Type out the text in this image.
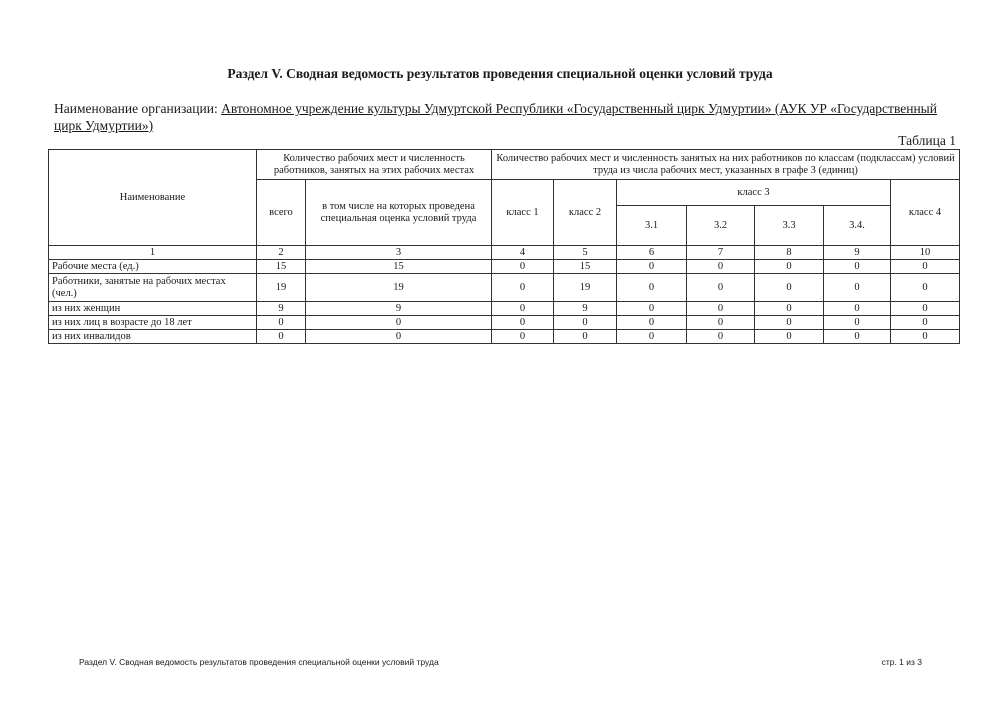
Раздел V. Сводная ведомость результатов проведения специальной оценки условий труда
Наименование организации: Автономное учреждение культуры Удмуртской Республики «Государственный цирк Удмуртии» (АУК УР «Государственный цирк Удмуртии»)
Таблица 1
Наименование	Количество рабочих мест и численность работников, занятых на этих рабочих местах		Количество рабочих мест и численность занятых на них работников по классам (подклассам) условий труда из числа рабочих мест, указанных в графе 3 (единиц)						
	всего	в том числе на которых проведена специальная оценка условий труда	класс 1	класс 2	класс 3				класс 4
					3.1	3.2	3.3	3.4.	
1	2	3	4	5	6	7	8	9	10
Рабочие места (ед.)	15	15	0	15	0	0	0	0	0
Работники, занятые на рабочих местах (чел.)	19	19	0	19	0	0	0	0	0
из них женщин	9	9	0	9	0	0	0	0	0
из них лиц в возрасте до 18 лет	0	0	0	0	0	0	0	0	0
из них инвалидов	0	0	0	0	0	0	0	0	0
Раздел V. Сводная ведомость результатов проведения специальной оценки условий труда	стр. 1 из 3
